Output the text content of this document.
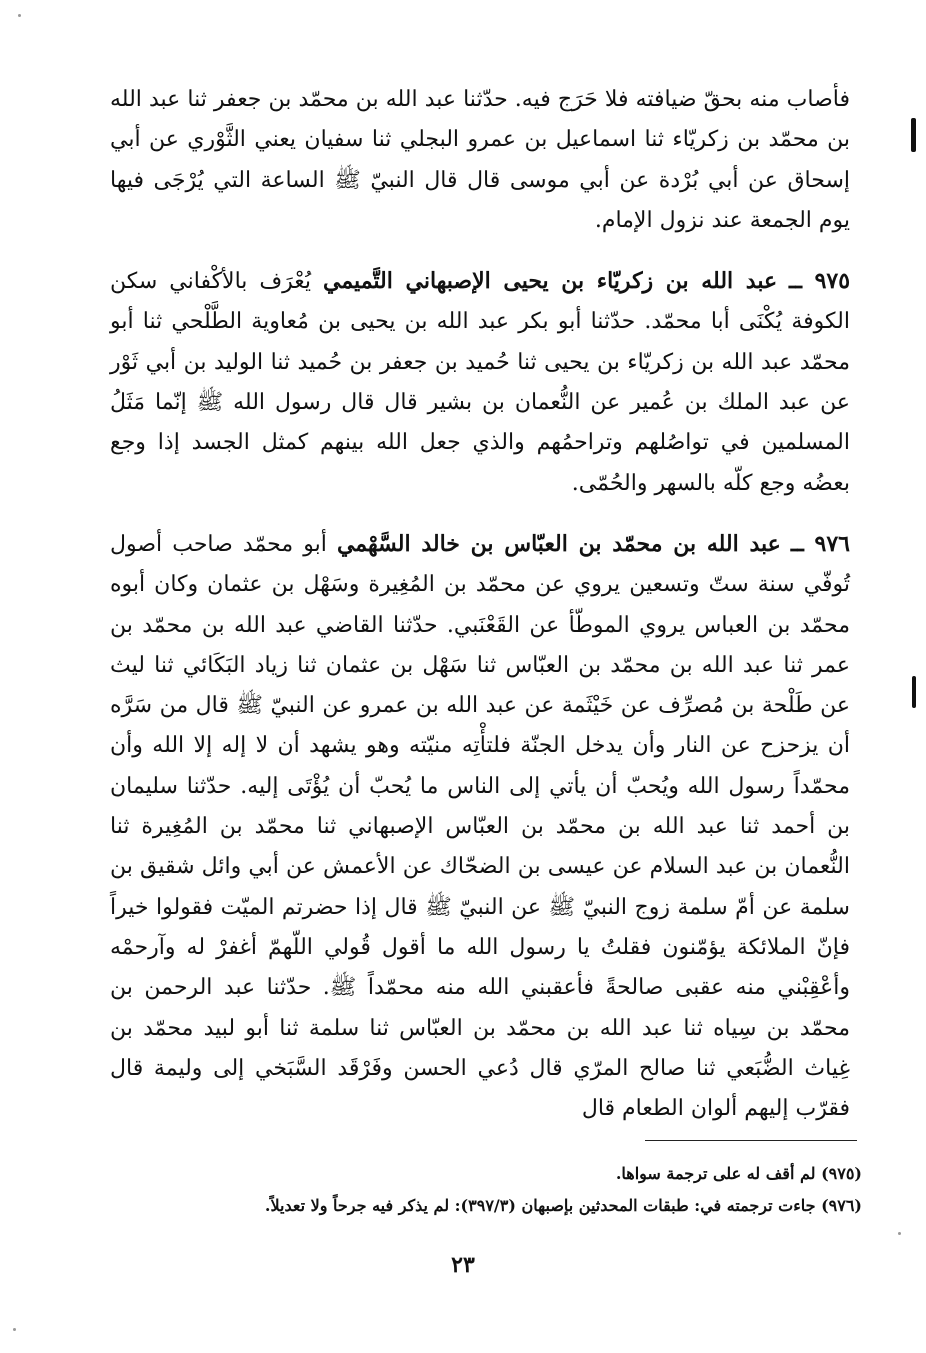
فأصاب منه بحقّ ضيافته فلا حَرَج فيه. حدّثنا عبد الله بن محمّد بن جعفر ثنا عبد الله بن محمّد بن زكريّاء ثنا اسماعيل بن عمرو البجلي ثنا سفيان يعني الثَّوْري عن أبي إسحاق عن أبي بُرْدة عن أبي موسى قال قال النبيّ ﷺ الساعة التي يُرْجَى فيها يوم الجمعة عند نزول الإمام.

٩٧٥ ــ عبد الله بن زكريّاء بن يحيى الإصبهاني التَّميمي يُعْرَف بالأكْفاني سكن الكوفة يُكْنَى أبا محمّد. حدّثنا أبو بكر عبد الله بن يحيى بن مُعاوية الطَّلْحي ثنا أبو محمّد عبد الله بن زكريّاء بن يحيى ثنا حُميد بن جعفر بن حُميد ثنا الوليد بن أبي ثَوْر عن عبد الملك بن عُمير عن النُّعمان بن بشير قال قال رسول الله ﷺ إنّما مَثَلُ المسلمين في تواصُلهم وتراحمُهم والذي جعل الله بينهم كمثل الجسد إذا وجع بعضُه وجع كلّه بالسهر والحُمّى.

٩٧٦ ــ عبد الله بن محمّد بن العبّاس بن خالد السَّهْمي أبو محمّد صاحب أصول تُوفّي سنة ستّ وتسعين يروي عن محمّد بن المُغِيرة وسَهْل بن عثمان وكان أبوه محمّد بن العباس يروي الموطّأ عن القَعْنَبي. حدّثنا القاضي عبد الله بن محمّد بن عمر ثنا عبد الله بن محمّد بن العبّاس ثنا سَهْل بن عثمان ثنا زياد البَكَائي ثنا ليث عن طَلْحة بن مُصرِّف عن خَيْثَمة عن عبد الله بن عمرو عن النبيّ ﷺ قال من سَرَّه أن يزحزح عن النار وأن يدخل الجنّة فلتأْتِه منيّته وهو يشهد أن لا إله إلا الله وأن محمّداً رسول الله ويُحبّ أن يأتي إلى الناس ما يُحبّ أن يُؤْتَى إليه. حدّثنا سليمان بن أحمد ثنا عبد الله بن محمّد بن العبّاس الإصبهاني ثنا محمّد بن المُغِيرة ثنا النُّعمان بن عبد السلام عن عيسى بن الضحّاك عن الأعمش عن أبي وائل شقيق بن سلمة عن أمّ سلمة زوج النبيّ ﷺ عن النبيّ ﷺ قال إذا حضرتم الميّت فقولوا خيراً فإنّ الملائكة يؤمّنون فقلتُ يا رسول الله ما أقول قُولي اللّهمّ أغفرْ له وآرحمْه وأعْقِبْني منه عقبى صالحةً فأعقبني الله منه محمّداً ﷺ. حدّثنا عبد الرحمن بن محمّد بن سِياه ثنا عبد الله بن محمّد بن العبّاس ثنا سلمة ثنا أبو لبيد محمّد بن غِياث الضُّبَعي ثنا صالح المرّي قال دُعي الحسن وفَرْقَد السَّبَخي إلى وليمة قال فقرّب إليهم ألوان الطعام قال

(٩٧٥) لم أقف له على ترجمة سواها.
(٩٧٦) جاءت ترجمته في: طبقات المحدثين بإصبهان (٣٩٧/٣): لم يذكر فيه جرحاً ولا تعديلاً.
٢٣
